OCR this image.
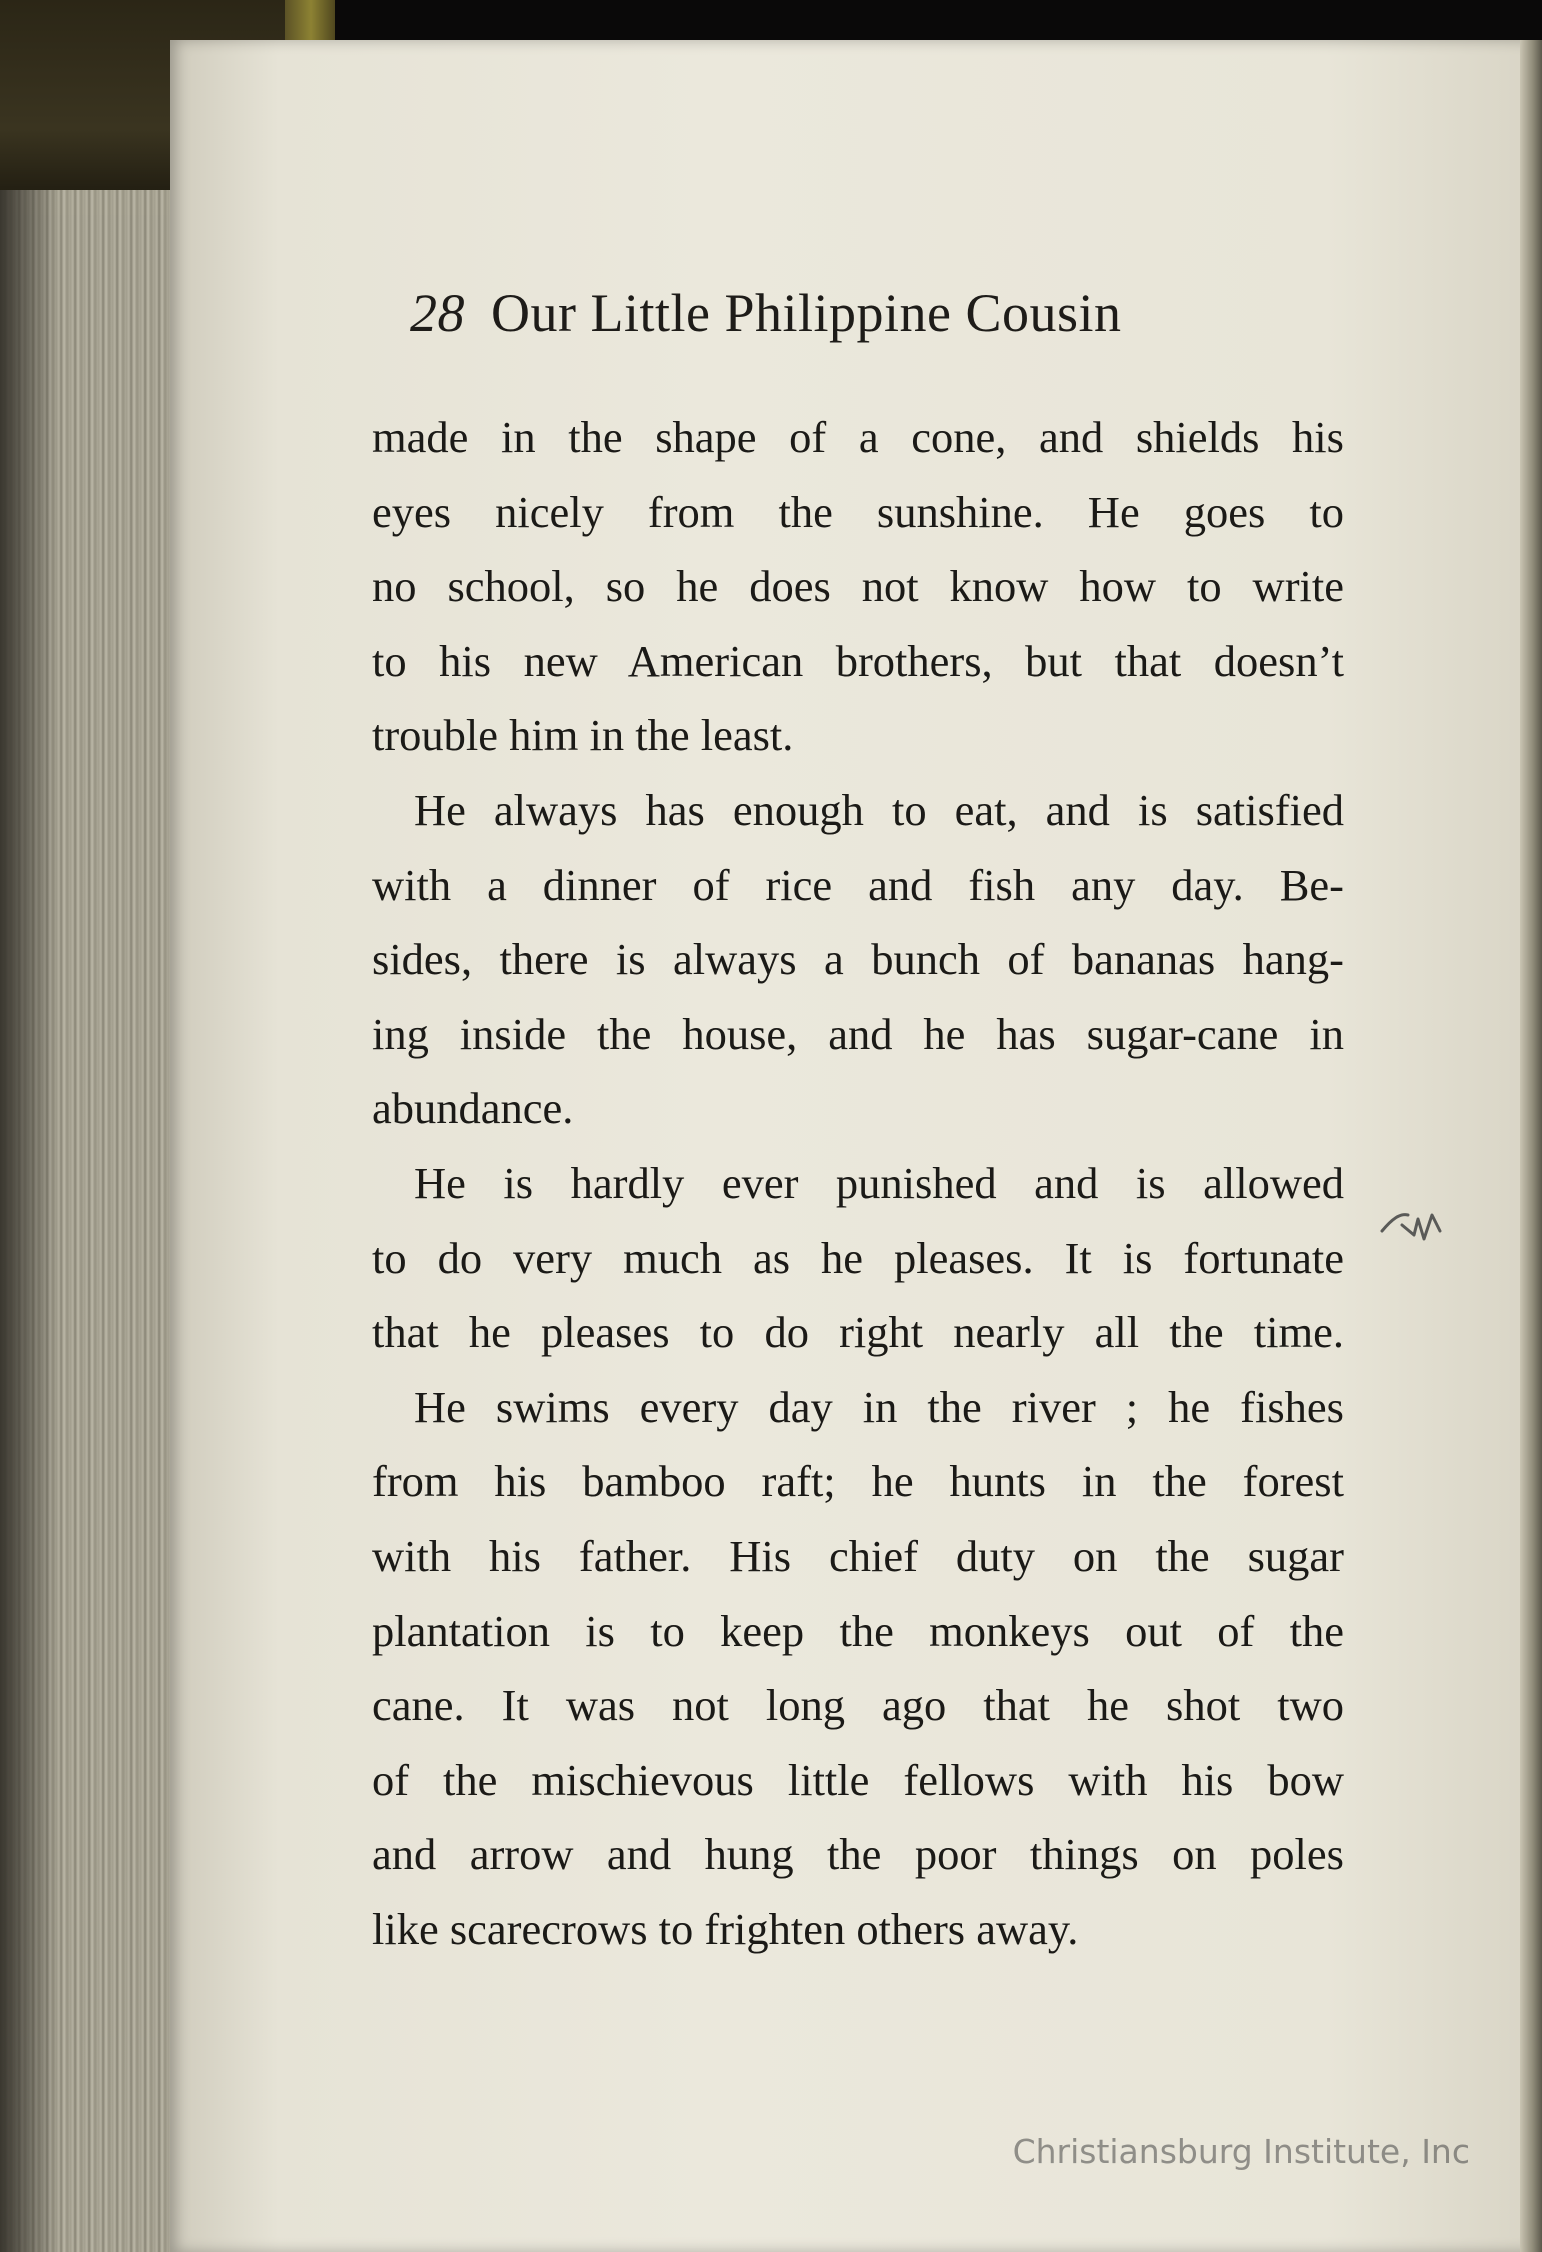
28 Our Little Philippine Cousin
made in the shape of a cone, and shields his
eyes nicely from the sunshine. He goes to
no school, so he does not know how to write
to his new American brothers, but that doesn’t
trouble him in the least.
He always has enough to eat, and is satisfied
with a dinner of rice and fish any day. Be-
sides, there is always a bunch of bananas hang-
ing inside the house, and he has sugar-cane in
abundance.
He is hardly ever punished and is allowed
to do very much as he pleases. It is fortunate
that he pleases to do right nearly all the time.
He swims every day in the river ; he fishes
from his bamboo raft; he hunts in the forest
with his father. His chief duty on the sugar
plantation is to keep the monkeys out of the
cane. It was not long ago that he shot two
of the mischievous little fellows with his bow
and arrow and hung the poor things on poles
like scarecrows to frighten others away.
Christiansburg Institute, Inc
